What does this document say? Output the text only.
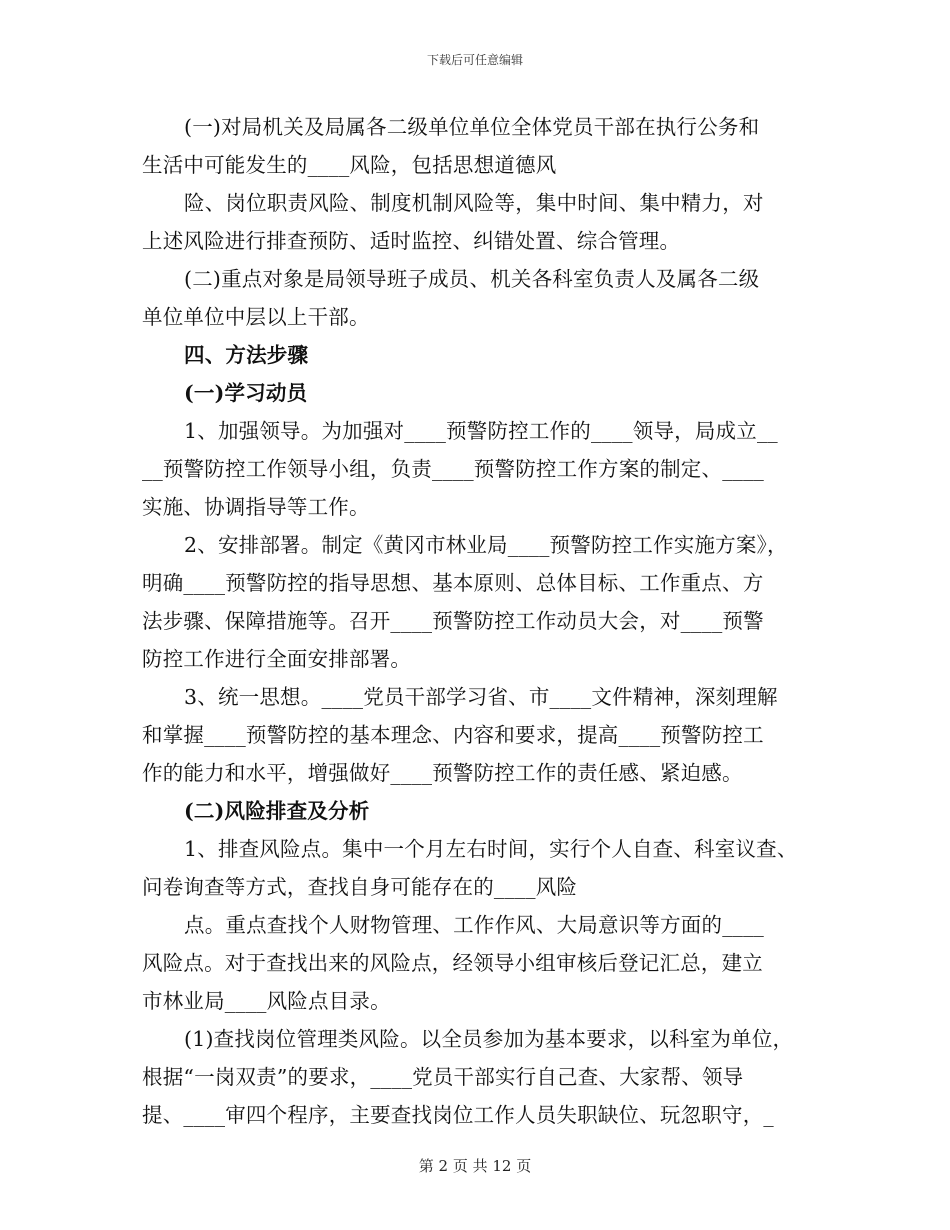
下载后可任意编辑
(一)对局机关及局属各二级单位单位全体党员干部在执行公务和
生活中可能发生的____风险，包括思想道德风
险、岗位职责风险、制度机制风险等，集中时间、集中精力，对
上述风险进行排查预防、适时监控、纠错处置、综合管理。
(二)重点对象是局领导班子成员、机关各科室负责人及属各二级
单位单位中层以上干部。
四、方法步骤
(一)学习动员
1、加强领导。为加强对____预警防控工作的____领导，局成立__
__预警防控工作领导小组，负责____预警防控工作方案的制定、____
实施、协调指导等工作。
2、安排部署。制定《黄冈市林业局____预警防控工作实施方案》，
明确____预警防控的指导思想、基本原则、总体目标、工作重点、方
法步骤、保障措施等。召开____预警防控工作动员大会，对____预警
防控工作进行全面安排部署。
3、统一思想。____党员干部学习省、市____文件精神，深刻理解
和掌握____预警防控的基本理念、内容和要求，提高____预警防控工
作的能力和水平，增强做好____预警防控工作的责任感、紧迫感。
(二)风险排查及分析
1、排查风险点。集中一个月左右时间，实行个人自查、科室议查、
问卷询查等方式，查找自身可能存在的____风险
点。重点查找个人财物管理、工作作风、大局意识等方面的____
风险点。对于查找出来的风险点，经领导小组审核后登记汇总，建立
市林业局____风险点目录。
(1)查找岗位管理类风险。以全员参加为基本要求，以科室为单位，
根据“一岗双责”的要求，____党员干部实行自己查、大家帮、领导
提、____审四个程序，主要查找岗位工作人员失职缺位、玩忽职守，_
第 2 页 共 12 页
